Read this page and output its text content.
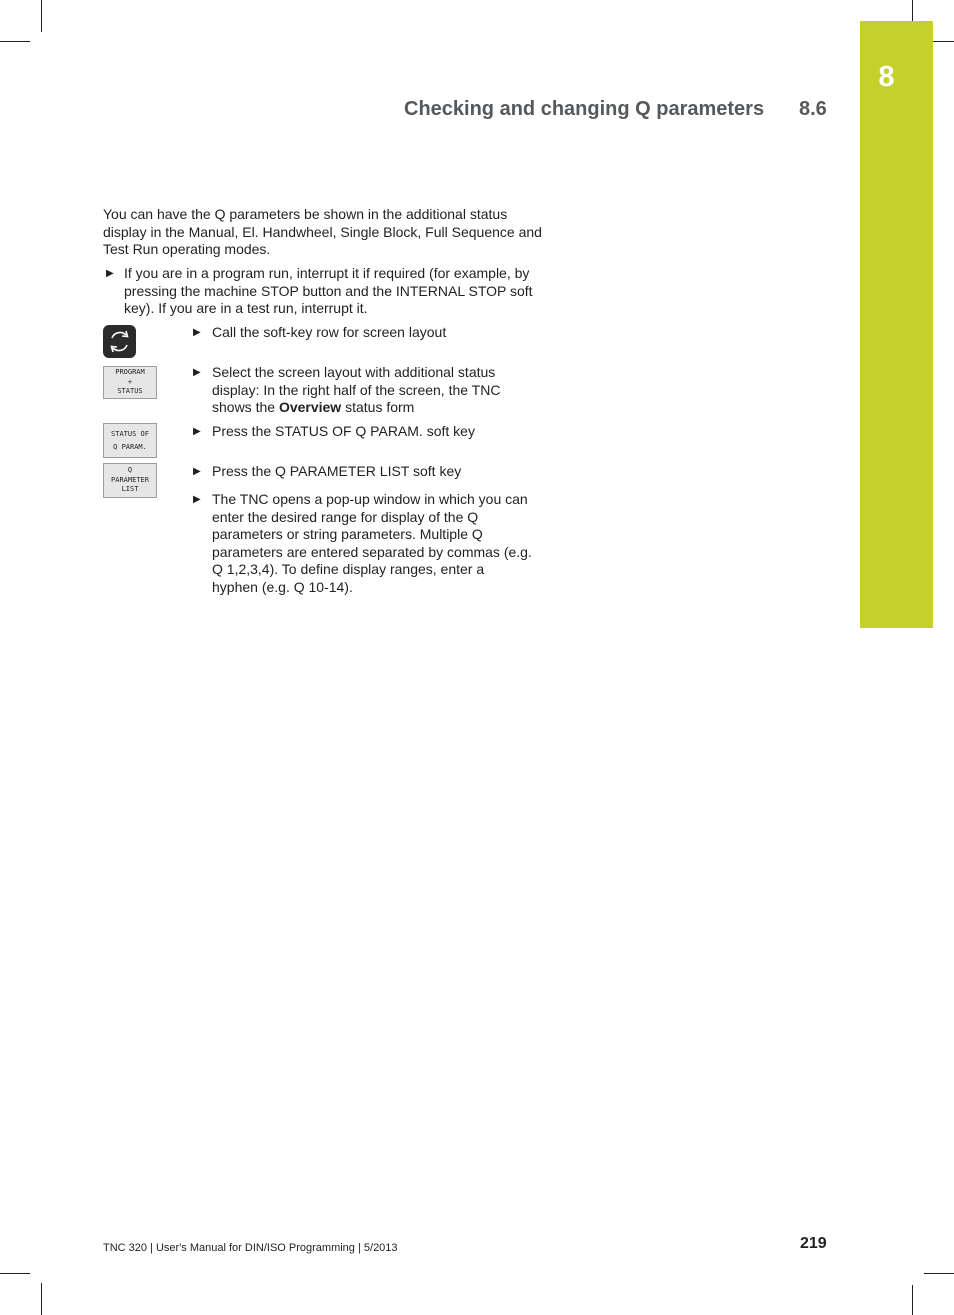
8
Checking and changing Q parameters 8.6

You can have the Q parameters be shown in the additional status display in the Manual, El. Handwheel, Single Block, Full Sequence and Test Run operating modes.

▶ If you are in a program run, interrupt it if required (for example, by pressing the machine STOP button and the INTERNAL STOP soft key). If you are in a test run, interrupt it.
▶ Call the soft-key row for screen layout
PROGRAM
+
STATUS
▶ Select the screen layout with additional status display: In the right half of the screen, the TNC shows the Overview status form
STATUS OF
Q PARAM.
▶ Press the STATUS OF Q PARAM. soft key
Q
PARAMETER
LIST
▶ Press the Q PARAMETER LIST soft key
▶ The TNC opens a pop-up window in which you can enter the desired range for display of the Q parameters or string parameters. Multiple Q parameters are entered separated by commas (e.g. Q 1,2,3,4). To define display ranges, enter a hyphen (e.g. Q 10-14).
TNC 320 | User's Manual for DIN/ISO Programming | 5/2013	219
